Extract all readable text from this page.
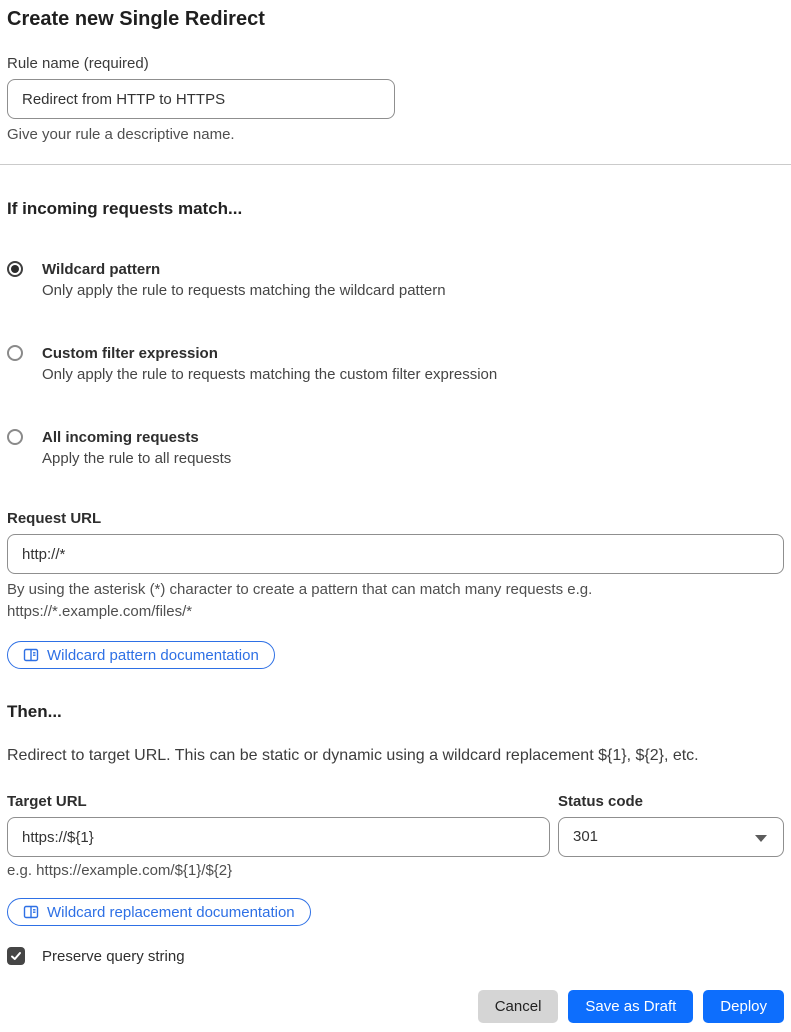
Create new Single Redirect
Rule name (required)
Redirect from HTTP to HTTPS
Give your rule a descriptive name.
If incoming requests match...
Wildcard pattern
Only apply the rule to requests matching the wildcard pattern
Custom filter expression
Only apply the rule to requests matching the custom filter expression
All incoming requests
Apply the rule to all requests
Request URL
http://*
By using the asterisk (*) character to create a pattern that can match many requests e.g.
https://*.example.com/files/*
Wildcard pattern documentation
Then...
Redirect to target URL. This can be static or dynamic using a wildcard replacement ${1}, ${2}, etc.
Target URL
https://${1}	Status code
301
e.g. https://example.com/${1}/${2}
Wildcard replacement documentation
Preserve query string
Cancel	Save as Draft	Deploy
